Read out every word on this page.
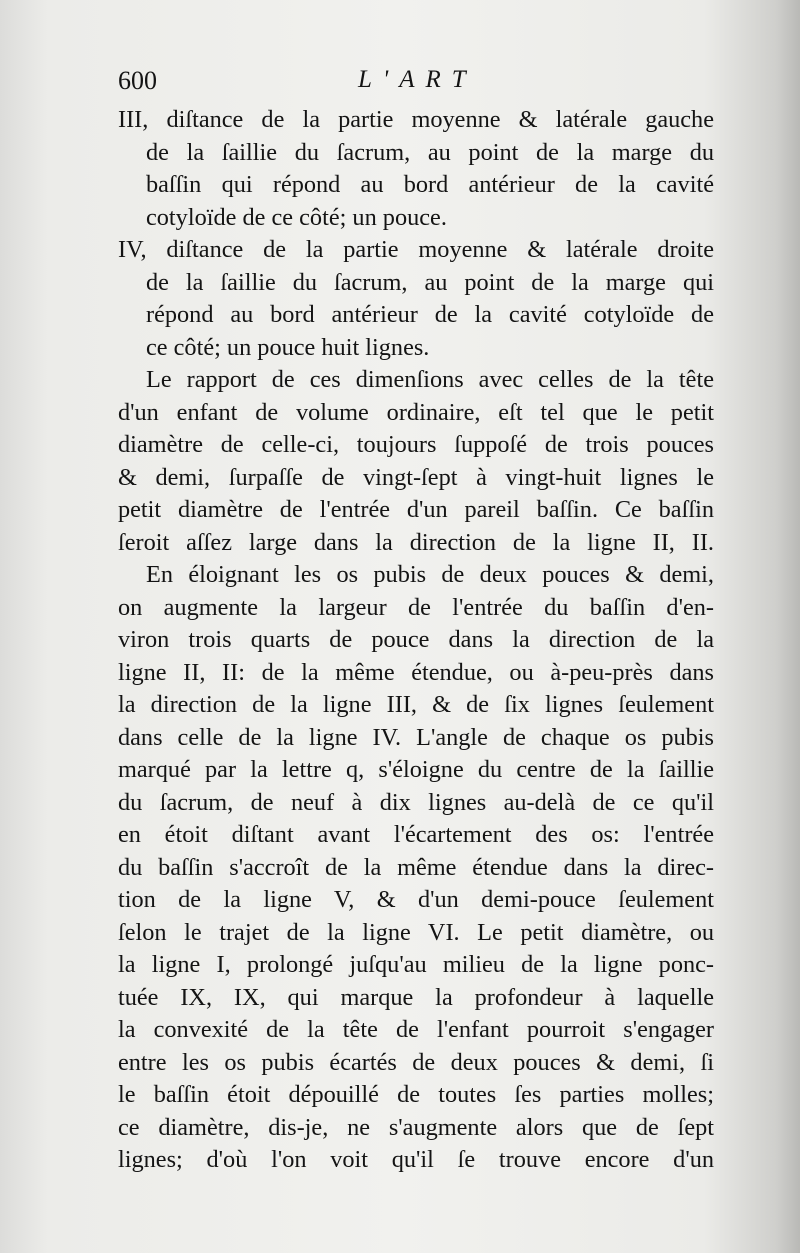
600	L'ART
III, diſtance de la partie moyenne & latérale gauche
de la ſaillie du ſacrum, au point de la marge du
baſſin qui répond au bord antérieur de la cavité
cotyloïde de ce côté; un pouce.
IV, diſtance de la partie moyenne & latérale droite
de la ſaillie du ſacrum, au point de la marge qui
répond au bord antérieur de la cavité cotyloïde de
ce côté; un pouce huit lignes.
Le rapport de ces dimenſions avec celles de la tête
d'un enfant de volume ordinaire, eſt tel que le petit
diamètre de celle-ci, toujours ſuppoſé de trois pouces
& demi, ſurpaſſe de vingt-ſept à vingt-huit lignes le
petit diamètre de l'entrée d'un pareil baſſin. Ce baſſin
ſeroit aſſez large dans la direction de la ligne II, II.
En éloignant les os pubis de deux pouces & demi,
on augmente la largeur de l'entrée du baſſin d'en-
viron trois quarts de pouce dans la direction de la
ligne II, II: de la même étendue, ou à-peu-près dans
la direction de la ligne III, & de ſix lignes ſeulement
dans celle de la ligne IV. L'angle de chaque os pubis
marqué par la lettre q, s'éloigne du centre de la ſaillie
du ſacrum, de neuf à dix lignes au-delà de ce qu'il
en étoit diſtant avant l'écartement des os: l'entrée
du baſſin s'accroît de la même étendue dans la direc-
tion de la ligne V, & d'un demi-pouce ſeulement
ſelon le trajet de la ligne VI. Le petit diamètre, ou
la ligne I, prolongé juſqu'au milieu de la ligne ponc-
tuée IX, IX, qui marque la profondeur à laquelle
la convexité de la tête de l'enfant pourroit s'engager
entre les os pubis écartés de deux pouces & demi, ſi
le baſſin étoit dépouillé de toutes ſes parties molles;
ce diamètre, dis-je, ne s'augmente alors que de ſept
lignes; d'où l'on voit qu'il ſe trouve encore d'un
